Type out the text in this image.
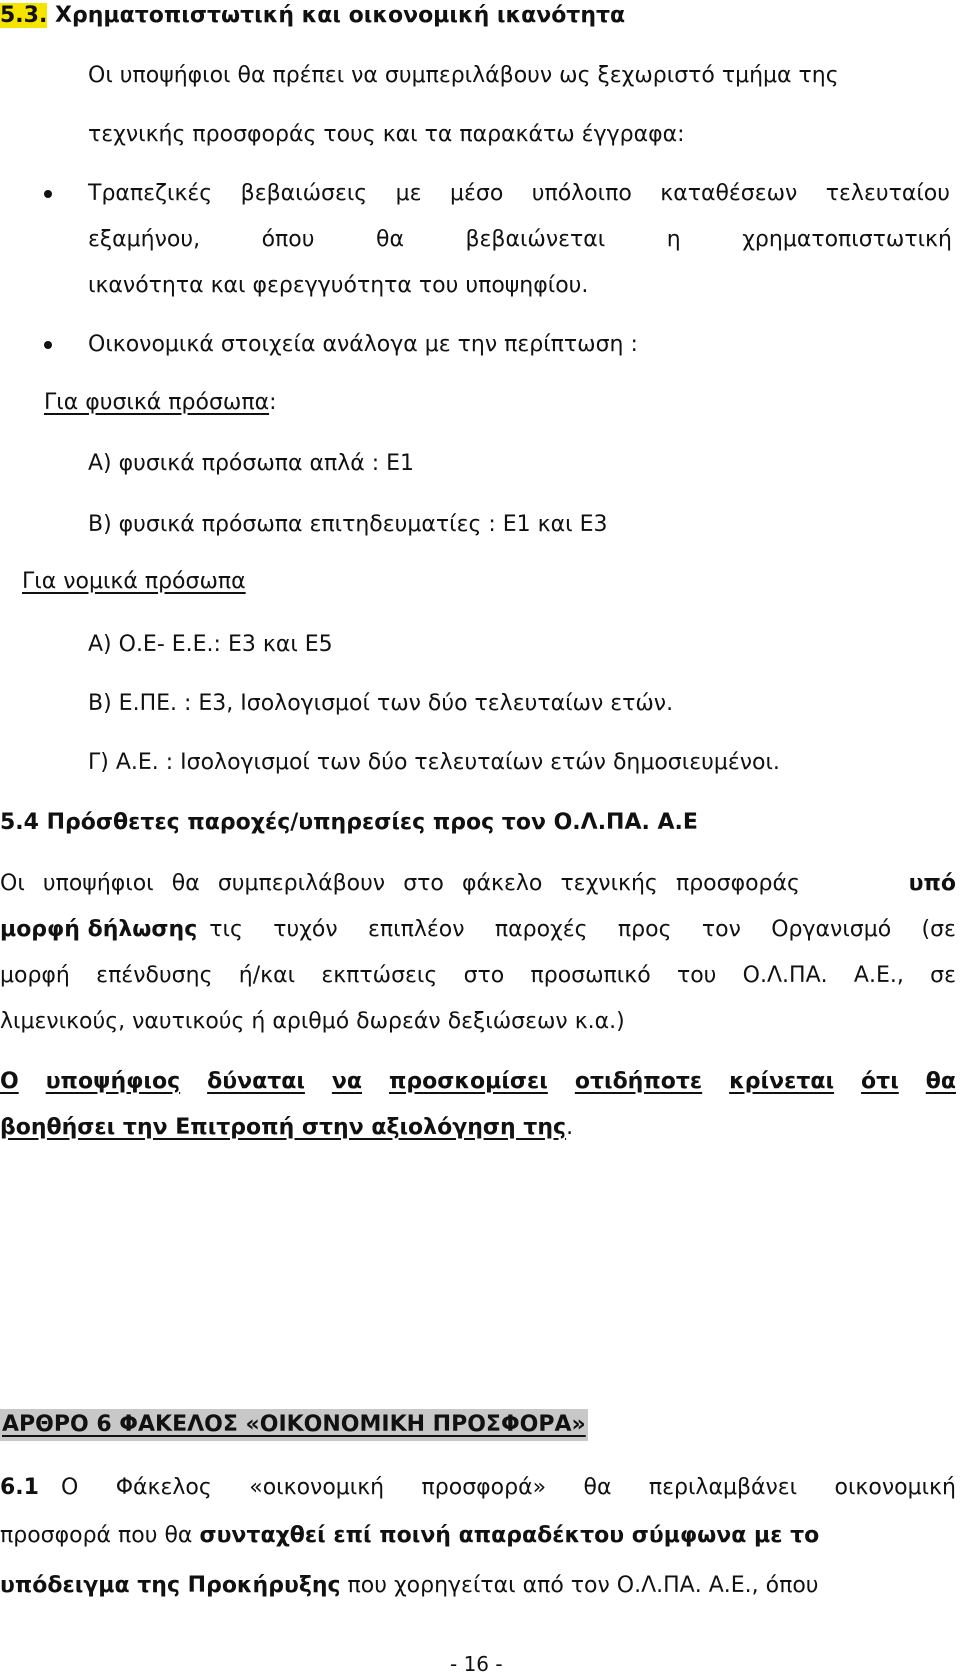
5.3. Χρηματοπιστωτική και οικονομική ικανότητα
Οι υποψήφιοι θα πρέπει να συμπεριλάβουν ως ξεχωριστό τμήμα της
τεχνικής προσφοράς τους και τα παρακάτω έγγραφα:
Τραπεζικές βεβαιώσεις με μέσο υπόλοιπο καταθέσεων τελευταίου
εξαμήνου,	όπου	θα	βεβαιώνεται	η	χρηματοπιστωτική
ικανότητα και φερεγγυότητα του υποψηφίου.
Οικονομικά στοιχεία ανάλογα με την περίπτωση :
Για φυσικά πρόσωπα:
Α) φυσικά πρόσωπα απλά : Ε1
Β) φυσικά πρόσωπα επιτηδευματίες : Ε1 και Ε3
Για νομικά πρόσωπα
Α) Ο.Ε- Ε.Ε.: Ε3 και Ε5
Β) Ε.ΠΕ. : Ε3, Ισολογισμοί των δύο τελευταίων ετών.
Γ) Α.Ε. : Ισολογισμοί των δύο τελευταίων ετών δημοσιευμένοι.
5.4 Πρόσθετες παροχές/υπηρεσίες προς τον Ο.Λ.ΠΑ. Α.Ε
Οι υποψήφιοι θα συμπεριλάβουν στο φάκελο τεχνικής προσφοράς	υπό
μορφή δήλωσης τις τυχόν επιπλέον παροχές προς τον Οργανισμό (σε
μορφή επένδυσης ή/και εκπτώσεις στο προσωπικό του Ο.Λ.ΠΑ. Α.Ε., σε
λιμενικούς, ναυτικούς ή αριθμό δωρεάν δεξιώσεων κ.α.)
Ο υποψήφιος δύναται να προσκομίσει οτιδήποτε κρίνεται ότι θα
βοηθήσει την Επιτροπή στην αξιολόγηση της.
ΑΡΘΡΟ 6 ΦΑΚΕΛΟΣ «ΟΙΚΟΝΟΜΙΚΗ ΠΡΟΣΦΟΡΑ»
6.1 Ο Φάκελος «οικονομική προσφορά» θα περιλαμβάνει οικονομική
προσφορά που θα συνταχθεί επί ποινή απαραδέκτου σύμφωνα με το
υπόδειγμα της Προκήρυξης που χορηγείται από τον Ο.Λ.ΠΑ. Α.Ε., όπου
- 16 -
